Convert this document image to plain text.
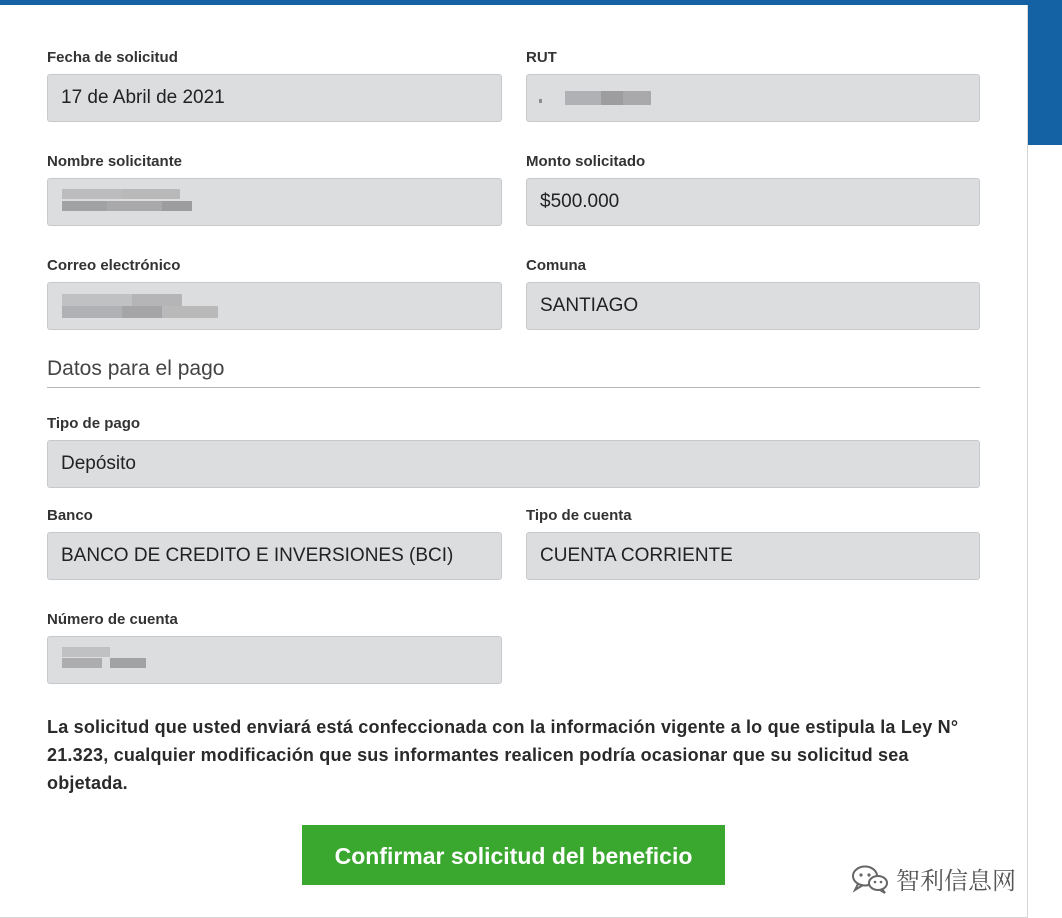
Fecha de solicitud
17 de Abril de 2021
RUT
Nombre solicitante	Monto solicitado
$500.000
Correo electrónico	Comuna
SANTIAGO
Datos para el pago
Tipo de pago
Depósito
Banco
BANCO DE CREDITO E INVERSIONES (BCI)
Tipo de cuenta
CUENTA CORRIENTE
Número de cuenta
La solicitud que usted enviará está confeccionada con la información vigente a lo que estipula la Ley N° 21.323, cualquier modificación que sus informantes realicen podría ocasionar que su solicitud sea objetada.
Confirmar solicitud del beneficio
智利信息网
